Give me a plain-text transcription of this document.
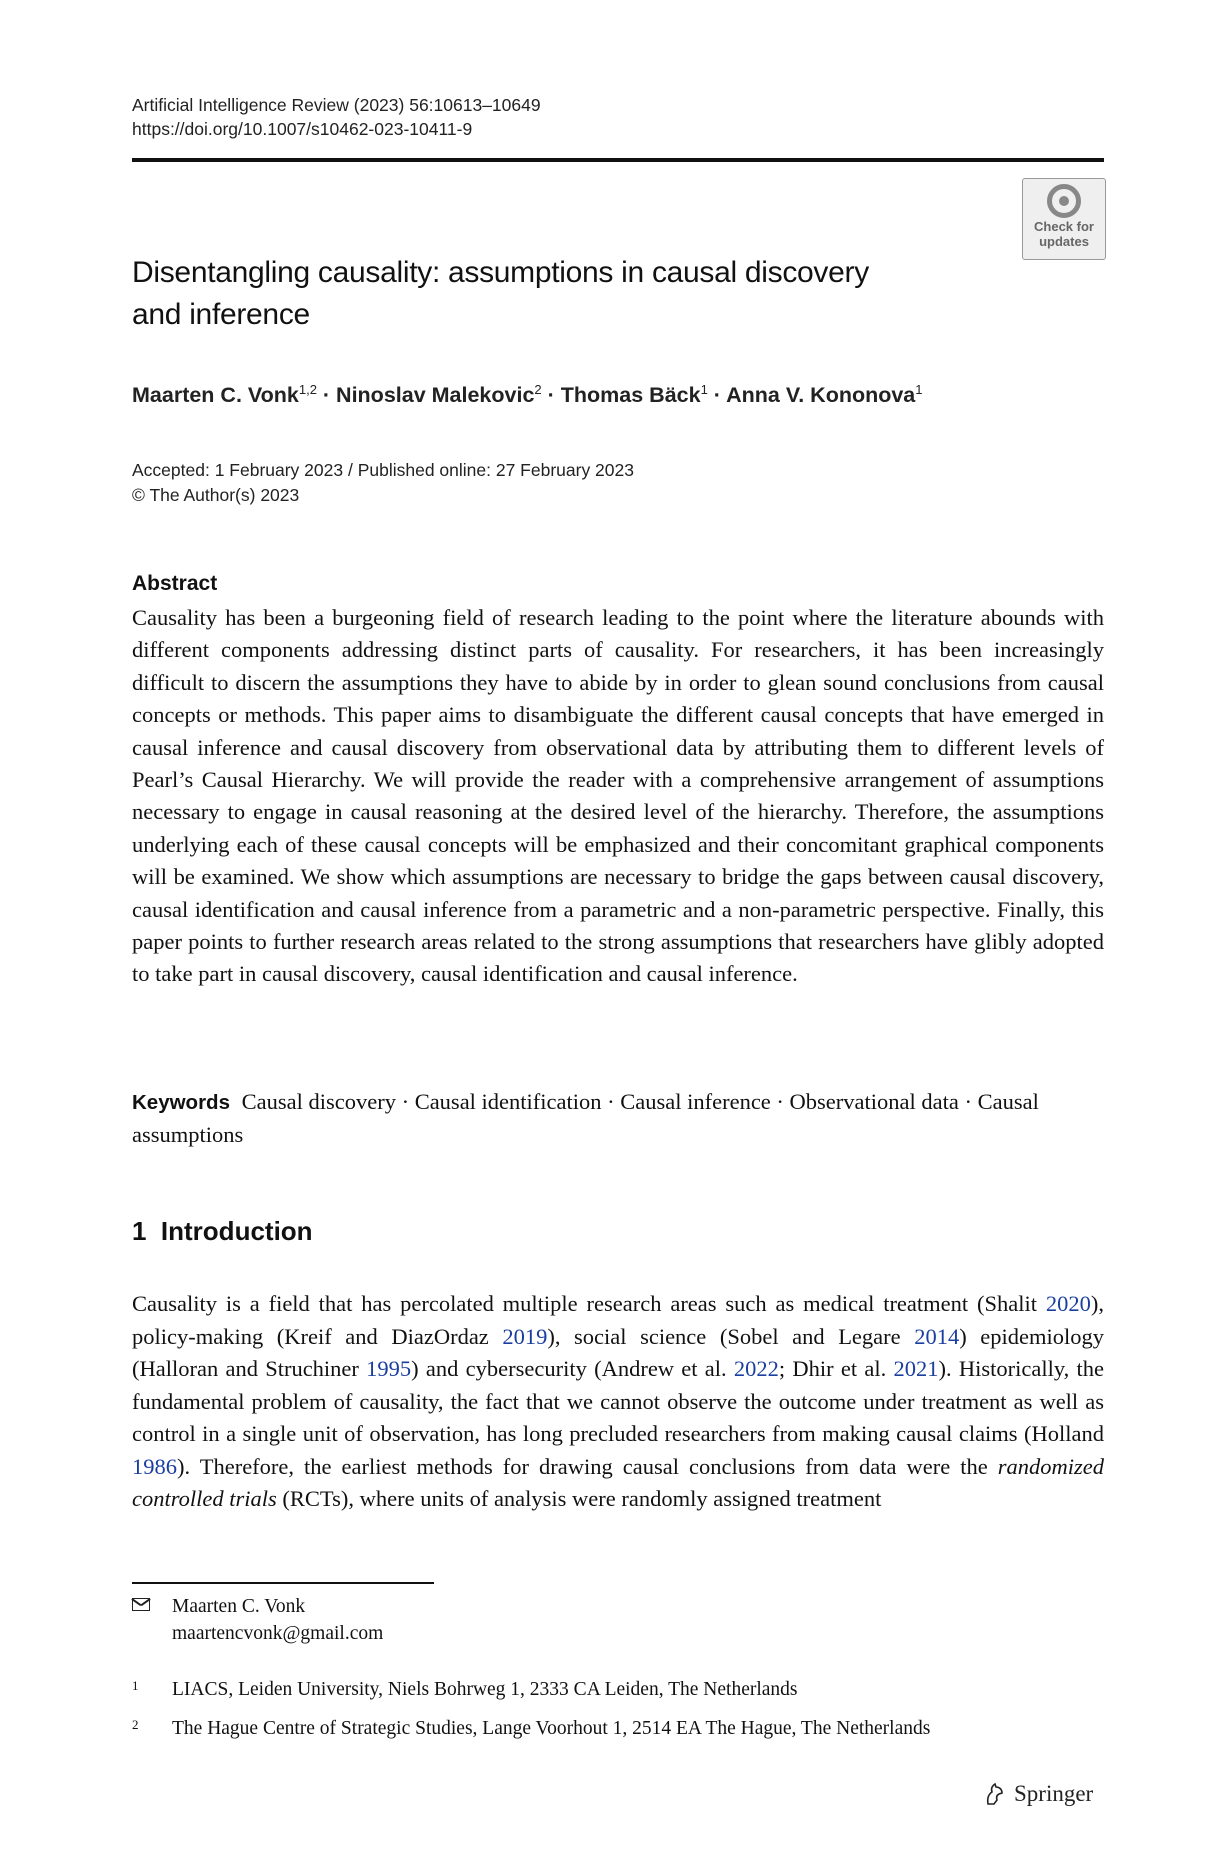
Artificial Intelligence Review (2023) 56:10613–10649
https://doi.org/10.1007/s10462-023-10411-9
Check for
updates
Disentangling causality: assumptions in causal discovery
and inference
Maarten C. Vonk$^{1,2}$ · Ninoslav Malekovic$^2$ · Thomas Bäck$^1$ · Anna V. Kononova$^1$
Accepted: 1 February 2023 / Published online: 27 February 2023
© The Author(s) 2023
Abstract

Causality has been a burgeoning field of research leading to the point where the literature abounds with different components addressing distinct parts of causality. For researchers, it has been increasingly difficult to discern the assumptions they have to abide by in order to glean sound conclusions from causal concepts or methods. This paper aims to disambiguate the different causal concepts that have emerged in causal inference and causal discovery from observational data by attributing them to different levels of Pearl’s Causal Hierarchy. We will provide the reader with a comprehensive arrangement of assumptions necessary to engage in causal reasoning at the desired level of the hierarchy. Therefore, the assumptions underlying each of these causal concepts will be emphasized and their concomitant graphical components will be examined. We show which assumptions are necessary to bridge the gaps between causal discovery, causal identification and causal inference from a parametric and a non-parametric perspective. Finally, this paper points to further research areas related to the strong assumptions that researchers have glibly adopted to take part in causal discovery, causal identification and causal inference.

Keywords Causal discovery · Causal identification · Causal inference · Observational data · Causal assumptions
1 Introduction

Causality is a field that has percolated multiple research areas such as medical treatment (Shalit 2020), policy-making (Kreif and DiazOrdaz 2019), social science (Sobel and Legare 2014) epidemiology (Halloran and Struchiner 1995) and cybersecurity (Andrew et al. 2022; Dhir et al. 2021). Historically, the fundamental problem of causality, the fact that we cannot observe the outcome under treatment as well as control in a single unit of observation, has long precluded researchers from making causal claims (Holland 1986). Therefore, the earliest methods for drawing causal conclusions from data were the randomized controlled trials (RCTs), where units of analysis were randomly assigned treatment

Maarten C. Vonk
maartencvonk@gmail.com
1 LIACS, Leiden University, Niels Bohrweg 1, 2333 CA Leiden, The Netherlands
2 The Hague Centre of Strategic Studies, Lange Voorhout 1, 2514 EA The Hague, The Netherlands
Springer
